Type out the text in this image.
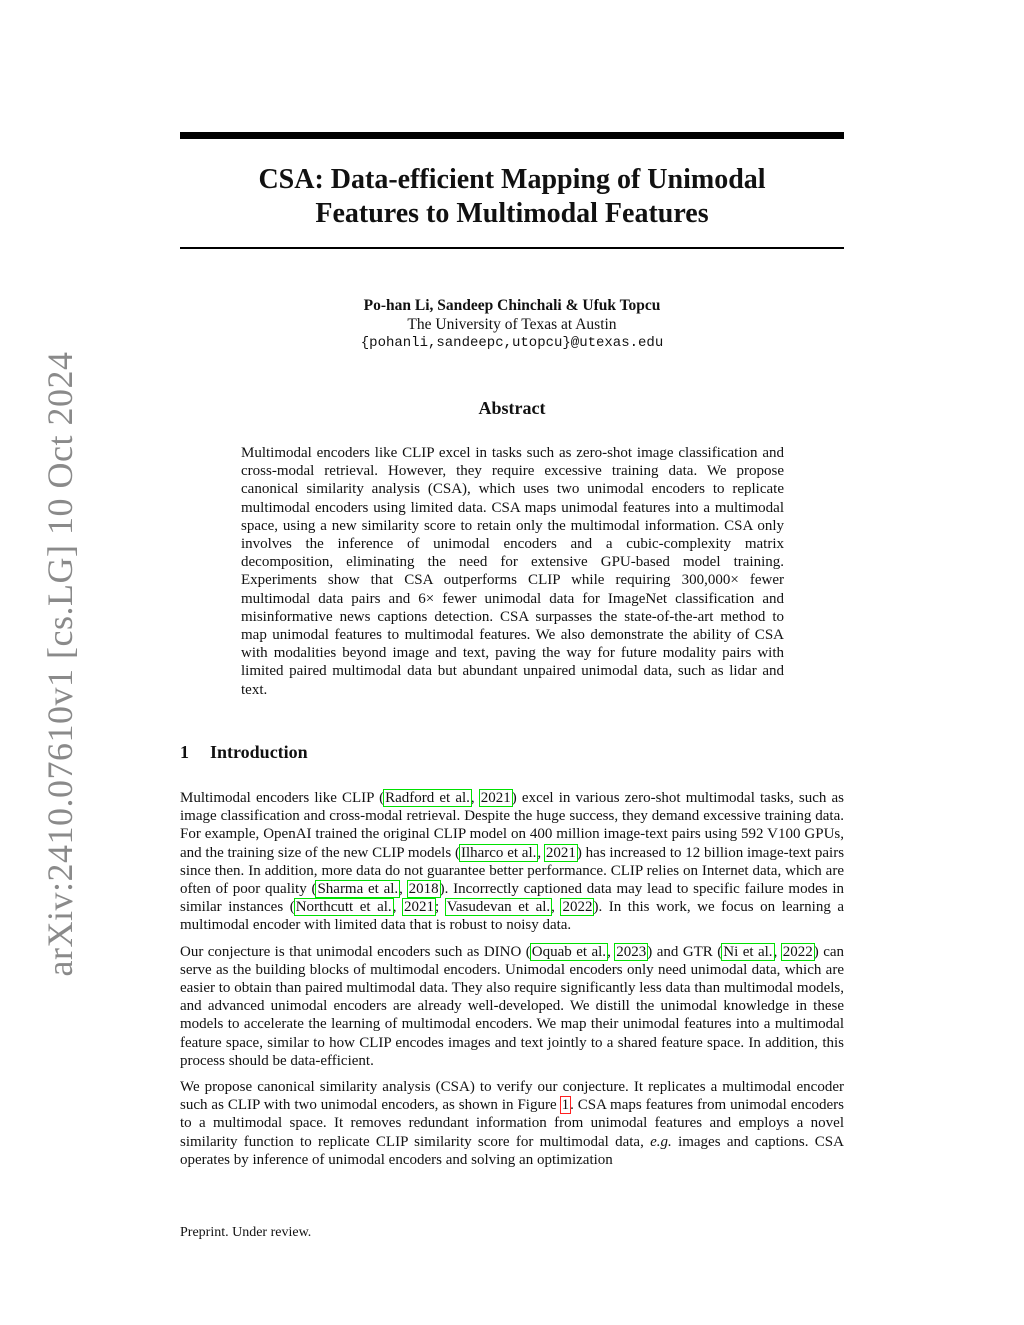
arXiv:2410.07610v1 [cs.LG] 10 Oct 2024
CSA: Data-efficient Mapping of Unimodal
Features to Multimodal Features
Po-han Li, Sandeep Chinchali & Ufuk Topcu
The University of Texas at Austin
{pohanli,sandeepc,utopcu}@utexas.edu
Abstract
Multimodal encoders like CLIP excel in tasks such as zero-shot image classification and cross-modal retrieval. However, they require excessive training data. We propose canonical similarity analysis (CSA), which uses two unimodal encoders to replicate multimodal encoders using limited data. CSA maps unimodal features into a multimodal space, using a new similarity score to retain only the multimodal information. CSA only involves the inference of unimodal encoders and a cubic-complexity matrix decomposition, eliminating the need for extensive GPU-based model training. Experiments show that CSA outperforms CLIP while requiring 300,000× fewer multimodal data pairs and 6× fewer unimodal data for ImageNet classification and misinformative news captions detection. CSA surpasses the state-of-the-art method to map unimodal features to multimodal features. We also demonstrate the ability of CSA with modalities beyond image and text, paving the way for future modality pairs with limited paired multimodal data but abundant unpaired unimodal data, such as lidar and text.
1 Introduction

Multimodal encoders like CLIP (Radford et al., 2021) excel in various zero-shot multimodal tasks, such as image classification and cross-modal retrieval. Despite the huge success, they demand excessive training data. For example, OpenAI trained the original CLIP model on 400 million image-text pairs using 592 V100 GPUs, and the training size of the new CLIP models (Ilharco et al., 2021) has increased to 12 billion image-text pairs since then. In addition, more data do not guarantee better performance. CLIP relies on Internet data, which are often of poor quality (Sharma et al., 2018). Incorrectly captioned data may lead to specific failure modes in similar instances (Northcutt et al., 2021; Vasudevan et al., 2022). In this work, we focus on learning a multimodal encoder with limited data that is robust to noisy data.

Our conjecture is that unimodal encoders such as DINO (Oquab et al., 2023) and GTR (Ni et al., 2022) can serve as the building blocks of multimodal encoders. Unimodal encoders only need unimodal data, which are easier to obtain than paired multimodal data. They also require significantly less data than multimodal models, and advanced unimodal encoders are already well-developed. We distill the unimodal knowledge in these models to accelerate the learning of multimodal encoders. We map their unimodal features into a multimodal feature space, similar to how CLIP encodes images and text jointly to a shared feature space. In addition, this process should be data-efficient.

We propose canonical similarity analysis (CSA) to verify our conjecture. It replicates a multimodal encoder such as CLIP with two unimodal encoders, as shown in Figure 1. CSA maps features from unimodal encoders to a multimodal space. It removes redundant information from unimodal features and employs a novel similarity function to replicate CLIP similarity score for multimodal data, e.g. images and captions. CSA operates by inference of unimodal encoders and solving an optimization

Preprint. Under review.
